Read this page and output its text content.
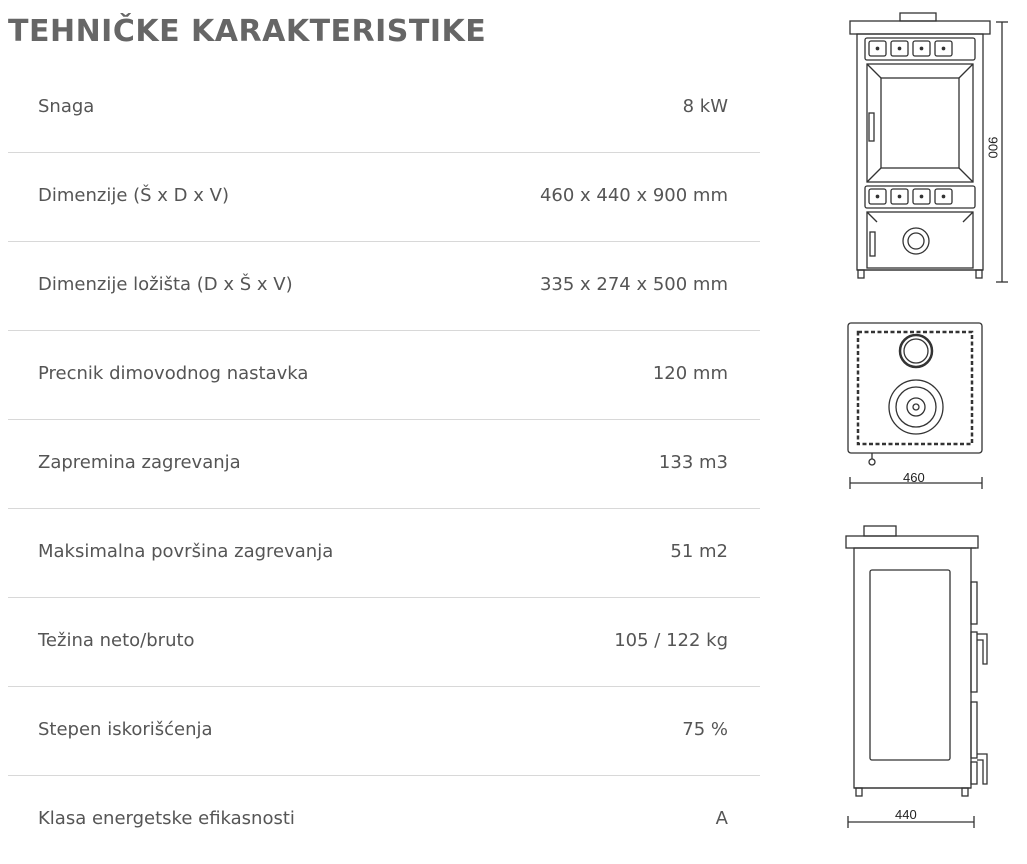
TEHNIČKE KARAKTERISTIKE
Snaga	8 kW
Dimenzije (Š x D x V)	460 x 440 x 900 mm
Dimenzije ložišta (D x Š x V)	335 x 274 x 500 mm
Precnik dimovodnog nastavka	120 mm
Zapremina zagrevanja	133 m3
Maksimalna površina zagrevanja	51 m2
Težina neto/bruto	105 / 122 kg
Stepen iskorišćenja	75 %
Klasa energetske efikasnosti	A
900
460
440
